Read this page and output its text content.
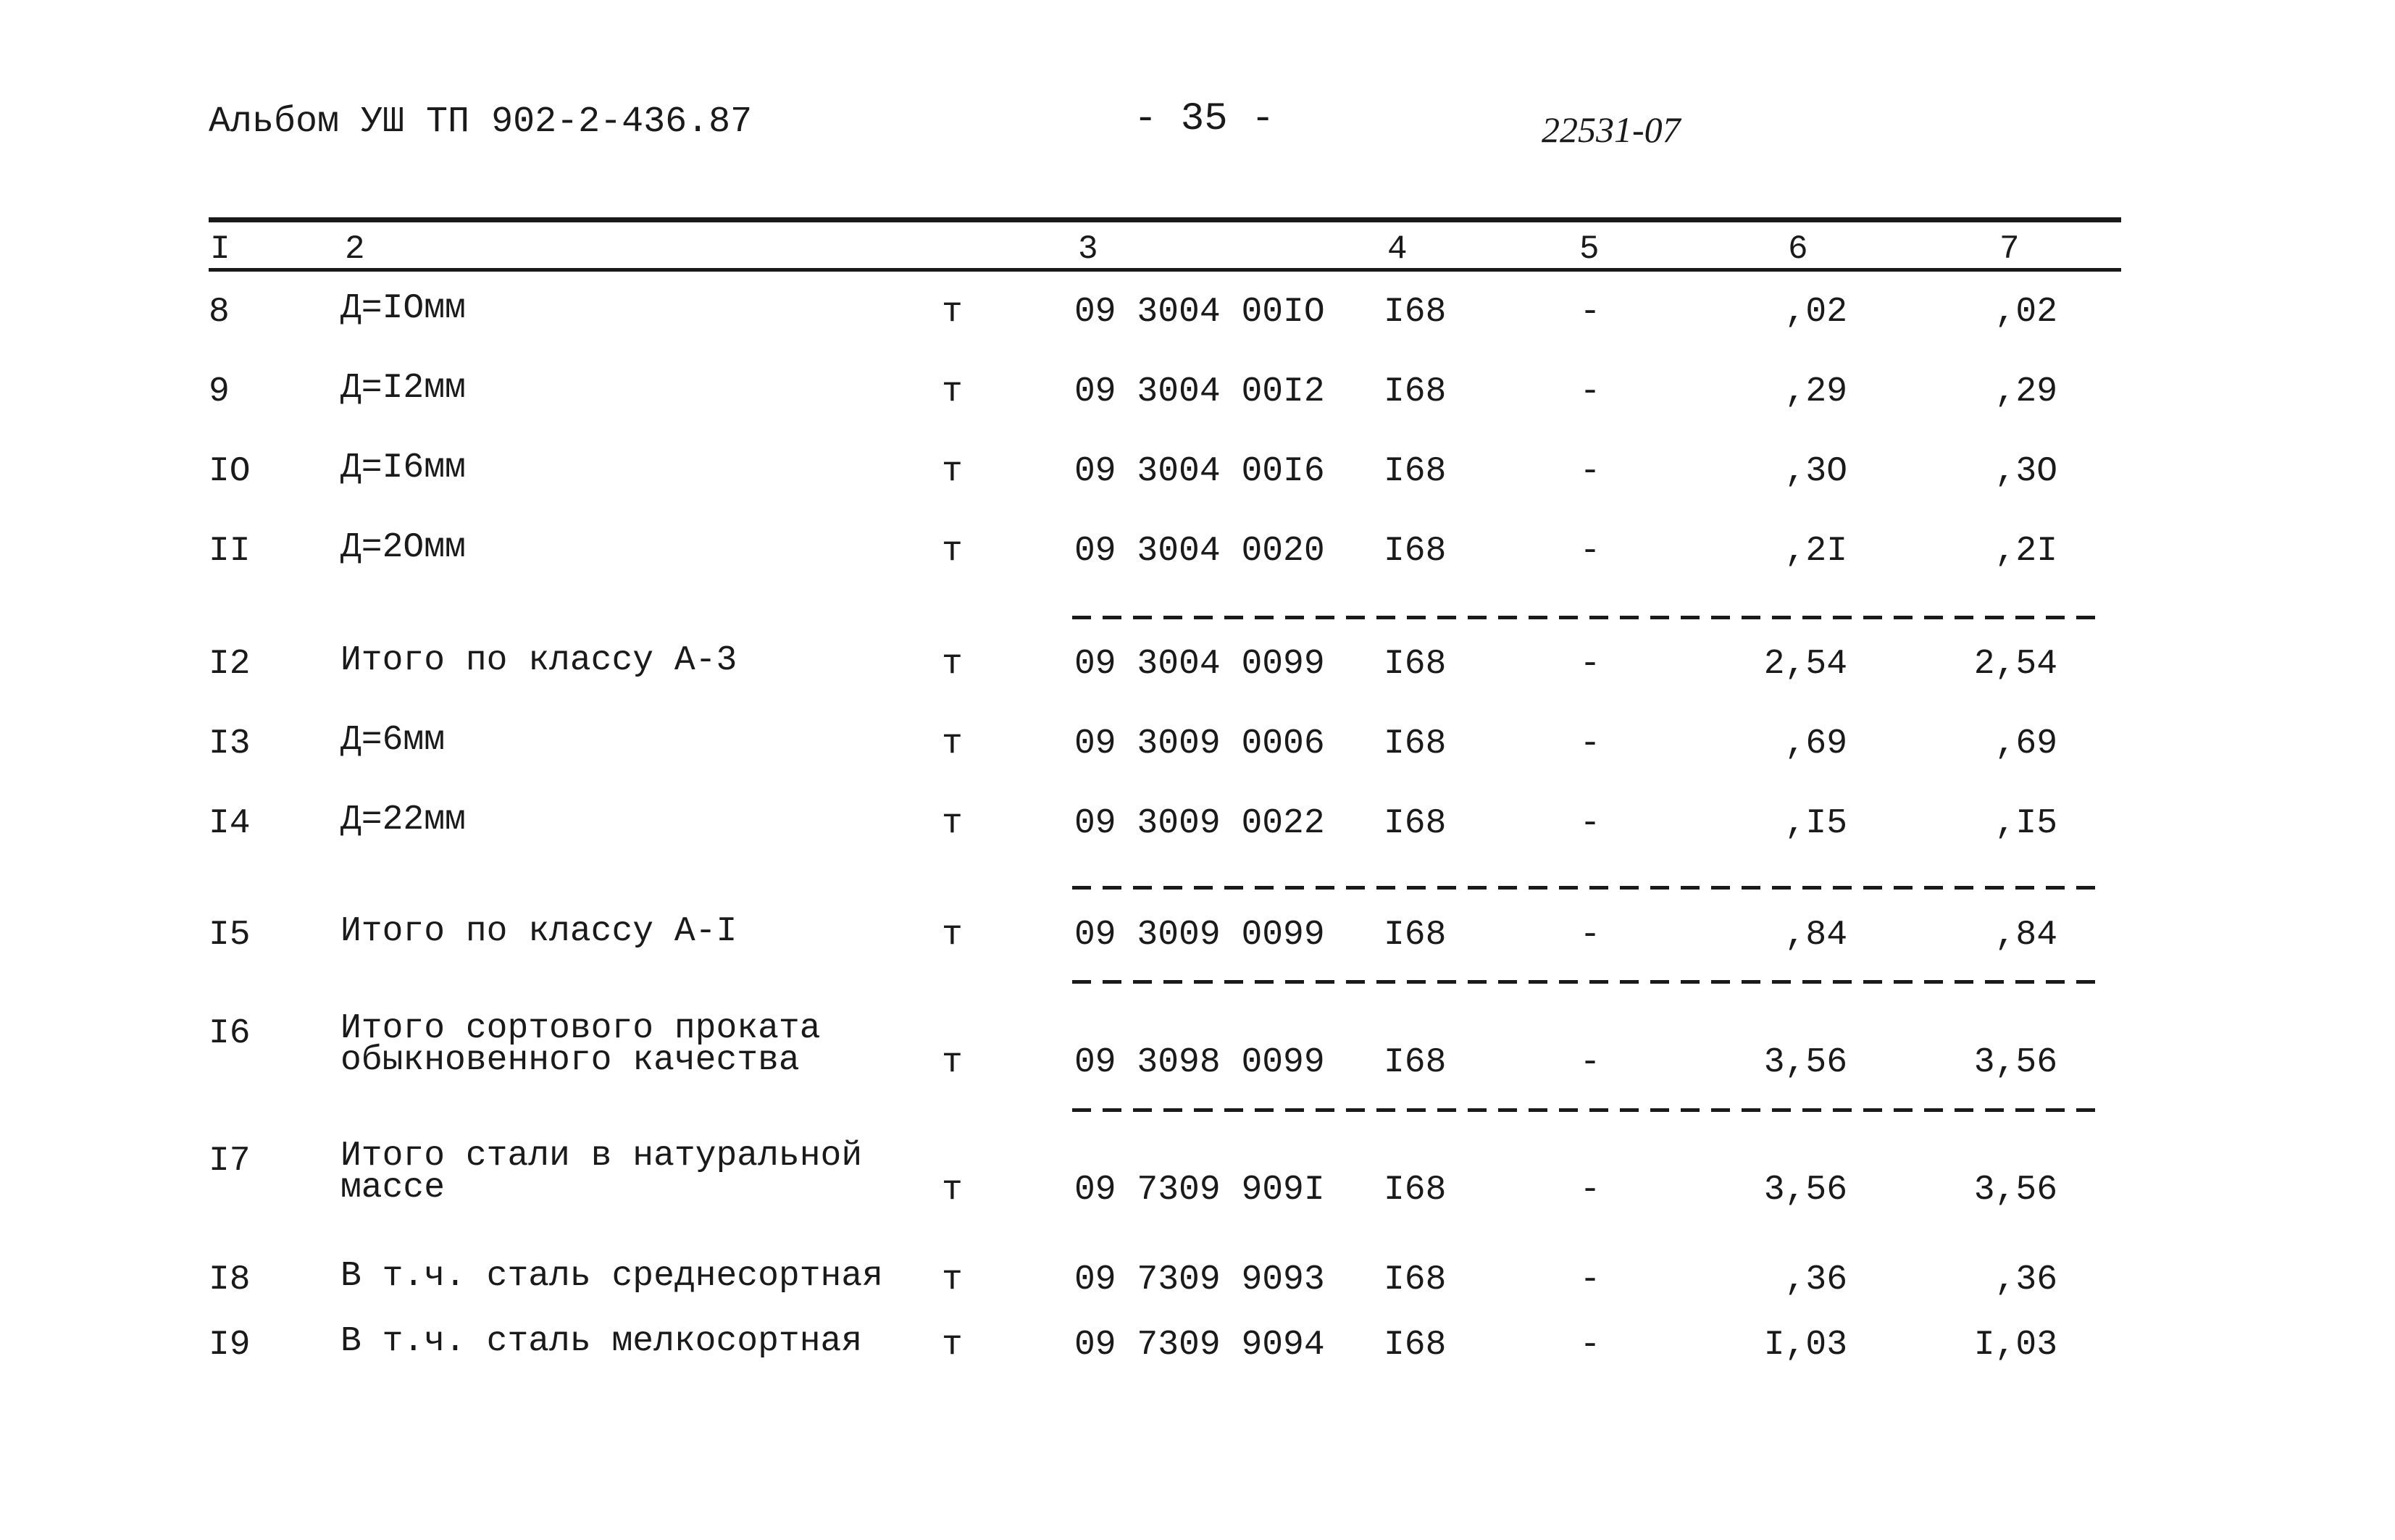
Альбом УШ ТП 902-2-436.87	- 35 -	22531-07
I	2	3	4	5	6	7
8	Д=IOмм	т	09 3004 00IO I68	-	,02	,02
9	Д=I2мм	т	09 3004 00I2 I68	-	,29	,29
IO	Д=I6мм	т	09 3004 00I6 I68	-	,3O	,3O
II	Д=2Oмм	т	09 3004 0020 I68	-	,2I	,2I
I2	Итого по классу А-3	т	09 3004 0099 I68	-	2,54	2,54
I3	Д=6мм	т	09 3009 0006 I68	-	,69	,69
I4	Д=22мм	т	09 3009 0022 I68	-	,I5	,I5
I5	Итого по классу А-I	т	09 3009 0099 I68	-	,84	,84
I6	Итого сортового проката
обыкновенного качества	т	09 3098 0099 I68	-	3,56	3,56
I7	Итого стали в натуральной
массе	т	09 7309 909I I68	-	3,56	3,56
I8	В т.ч. сталь среднесортная т	09 7309 9093 I68	-	,36	,36
I9	В т.ч. сталь мелкосортная т	09 7309 9094 I68	-	I,03	I,03
